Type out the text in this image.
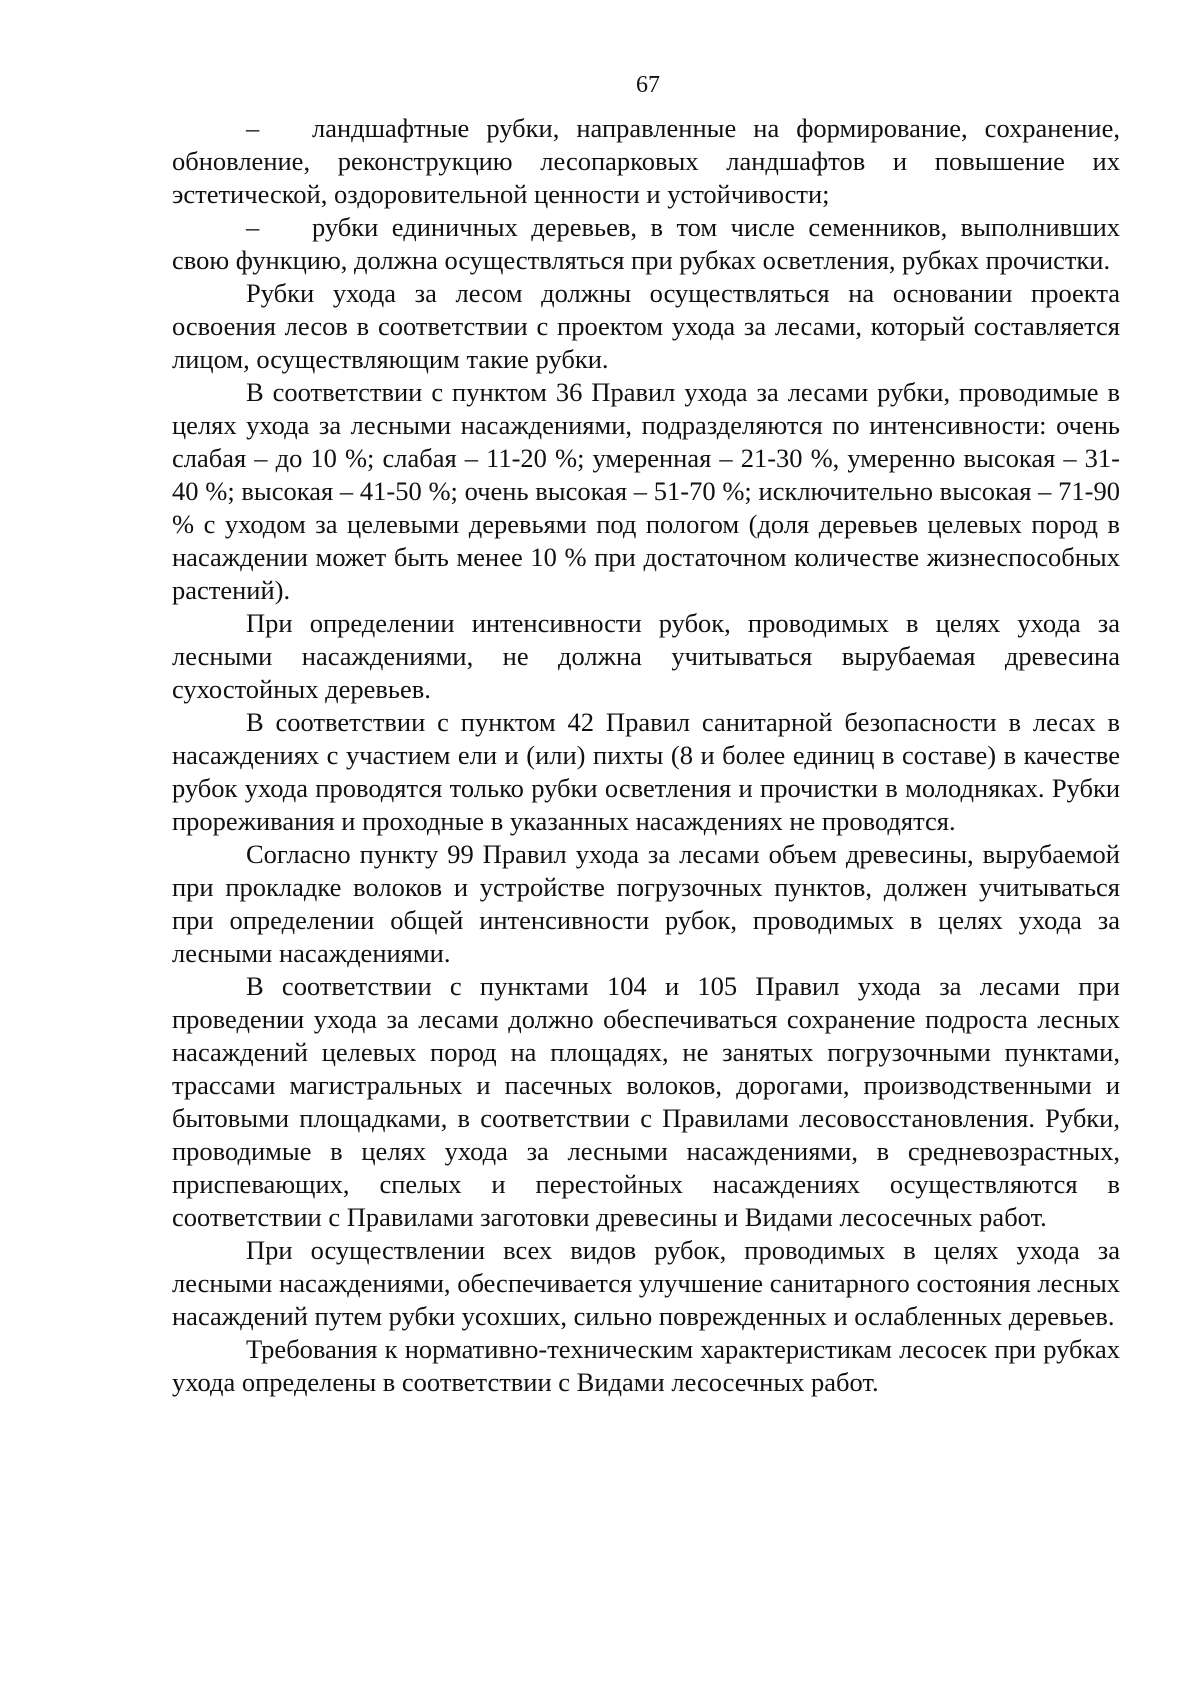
67

– ландшафтные рубки, направленные на формирование, сохранение, обновление, реконструкцию лесопарковых ландшафтов и повышение их эстетической, оздоровительной ценности и устойчивости;

– рубки единичных деревьев, в том числе семенников, выполнивших свою функцию, должна осуществляться при рубках осветления, рубках прочистки.

Рубки ухода за лесом должны осуществляться на основании проекта освоения лесов в соответствии с проектом ухода за лесами, который составляется лицом, осуществляющим такие рубки.

В соответствии с пунктом 36 Правил ухода за лесами рубки, проводимые в целях ухода за лесными насаждениями, подразделяются по интенсивности: очень слабая – до 10 %; слабая – 11-20 %; умеренная – 21-30 %, умеренно высокая – 31-40 %; высокая – 41-50 %; очень высокая – 51-70 %; исключительно высокая – 71-90 % с уходом за целевыми деревьями под пологом (доля деревьев целевых пород в насаждении может быть менее 10 % при достаточном количестве жизнеспособных растений).

При определении интенсивности рубок, проводимых в целях ухода за лесными насаждениями, не должна учитываться вырубаемая древесина сухостойных деревьев.

В соответствии с пунктом 42 Правил санитарной безопасности в лесах в насаждениях с участием ели и (или) пихты (8 и более единиц в составе) в качестве рубок ухода проводятся только рубки осветления и прочистки в молодняках. Рубки прореживания и проходные в указанных насаждениях не проводятся.

Согласно пункту 99 Правил ухода за лесами объем древесины, вырубаемой при прокладке волоков и устройстве погрузочных пунктов, должен учитываться при определении общей интенсивности рубок, проводимых в целях ухода за лесными насаждениями.

В соответствии с пунктами 104 и 105 Правил ухода за лесами при проведении ухода за лесами должно обеспечиваться сохранение подроста лесных насаждений целевых пород на площадях, не занятых погрузочными пунктами, трассами магистральных и пасечных волоков, дорогами, производственными и бытовыми площадками, в соответствии с Правилами лесовосстановления. Рубки, проводимые в целях ухода за лесными насаждениями, в средневозрастных, приспевающих, спелых и перестойных насаждениях осуществляются в соответствии с Правилами заготовки древесины и Видами лесосечных работ.

При осуществлении всех видов рубок, проводимых в целях ухода за лесными насаждениями, обеспечивается улучшение санитарного состояния лесных насаждений путем рубки усохших, сильно поврежденных и ослабленных деревьев.

Требования к нормативно-техническим характеристикам лесосек при рубках ухода определены в соответствии с Видами лесосечных работ.
